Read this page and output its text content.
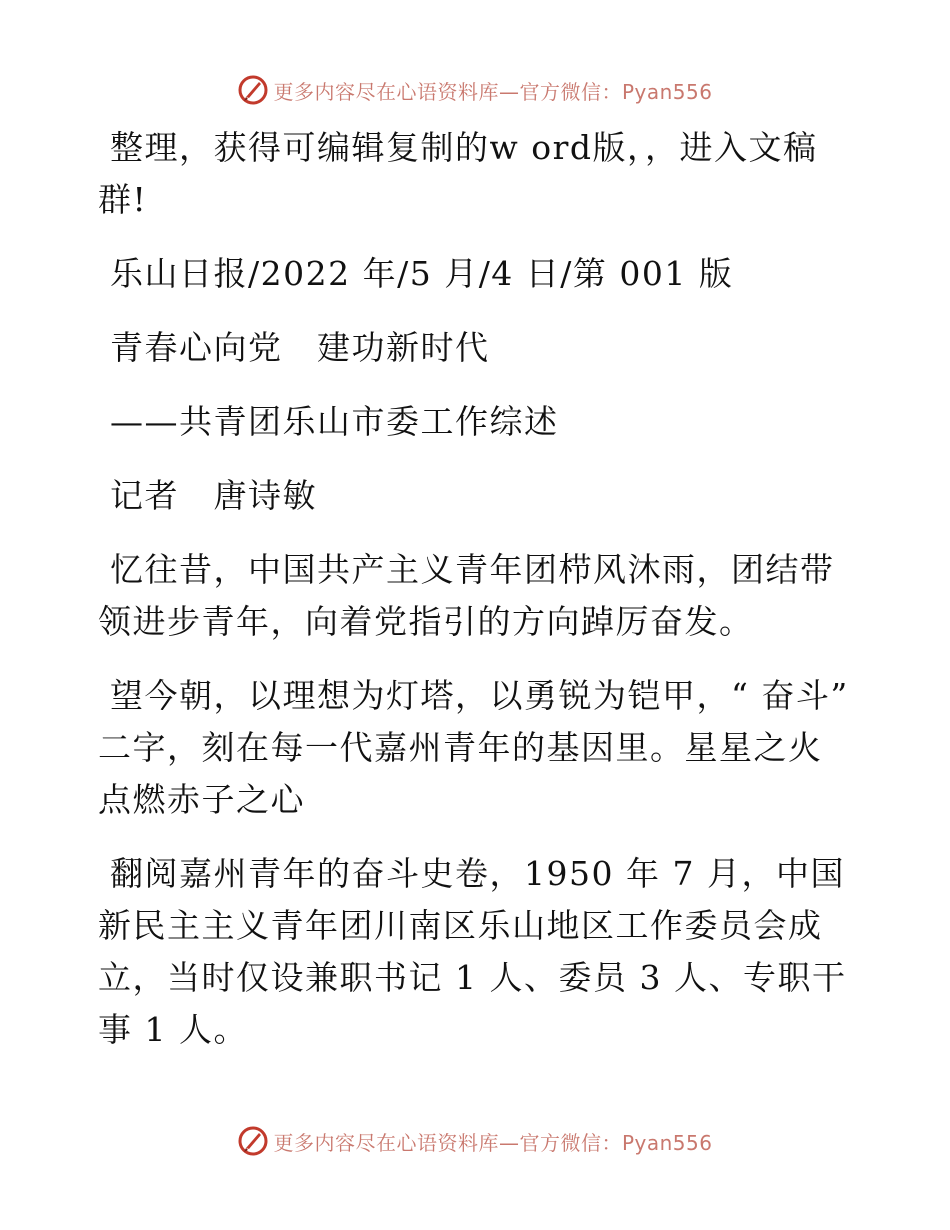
更多内容尽在心语资料库—官方微信：Pyan556

整理，获得可编辑复制的w ord版，，进入文稿群!

乐山日报/2022 年/5 月/4 日/第 001 版

青春心向党　建功新时代

——共青团乐山市委工作综述

记者　唐诗敏

忆往昔，中国共产主义青年团栉风沐雨，团结带领进步青年，向着党指引的方向踔厉奋发。

望今朝，以理想为灯塔，以勇锐为铠甲，“ 奋斗” 二字，刻在每一代嘉州青年的基因里。星星之火 点燃赤子之心

翻阅嘉州青年的奋斗史卷，1950 年 7 月，中国新民主主义青年团川南区乐山地区工作委员会成立，当时仅设兼职书记 1 人、委员 3 人、专职干事 1 人。

更多内容尽在心语资料库—官方微信：Pyan556
